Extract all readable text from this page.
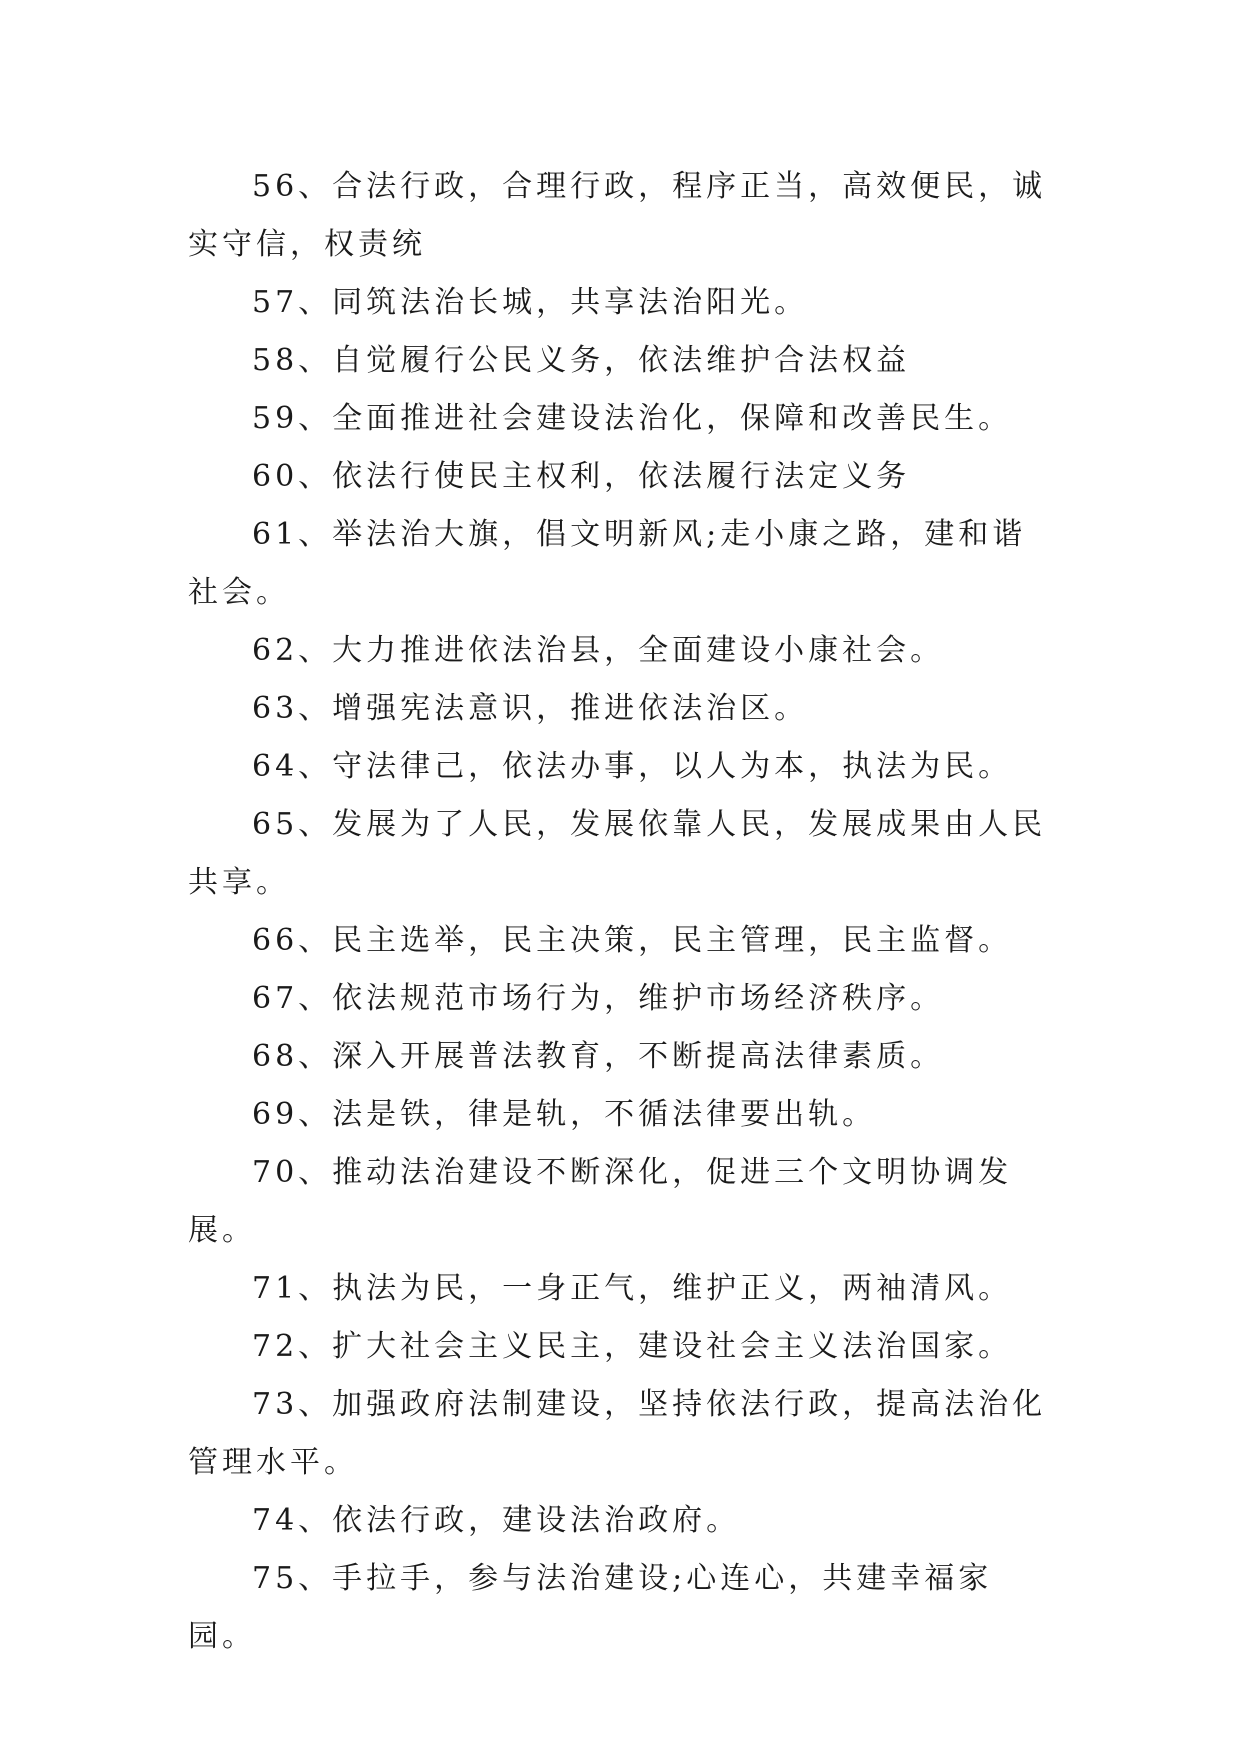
56、合法行政，合理行政，程序正当，高效便民，诚实守信，权责统

57、同筑法治长城，共享法治阳光。

58、自觉履行公民义务，依法维护合法权益

59、全面推进社会建设法治化，保障和改善民生。

60、依法行使民主权利，依法履行法定义务

61、举法治大旗，倡文明新风;走小康之路，建和谐社会。

62、大力推进依法治县，全面建设小康社会。

63、增强宪法意识，推进依法治区。

64、守法律己，依法办事，以人为本，执法为民。

65、发展为了人民，发展依靠人民，发展成果由人民共享。

66、民主选举，民主决策，民主管理，民主监督。

67、依法规范市场行为，维护市场经济秩序。

68、深入开展普法教育，不断提高法律素质。

69、法是铁，律是轨，不循法律要出轨。

70、推动法治建设不断深化，促进三个文明协调发展。

71、执法为民，一身正气，维护正义，两袖清风。

72、扩大社会主义民主，建设社会主义法治国家。

73、加强政府法制建设，坚持依法行政，提高法治化管理水平。

74、依法行政，建设法治政府。

75、手拉手，参与法治建设;心连心，共建幸福家园。
